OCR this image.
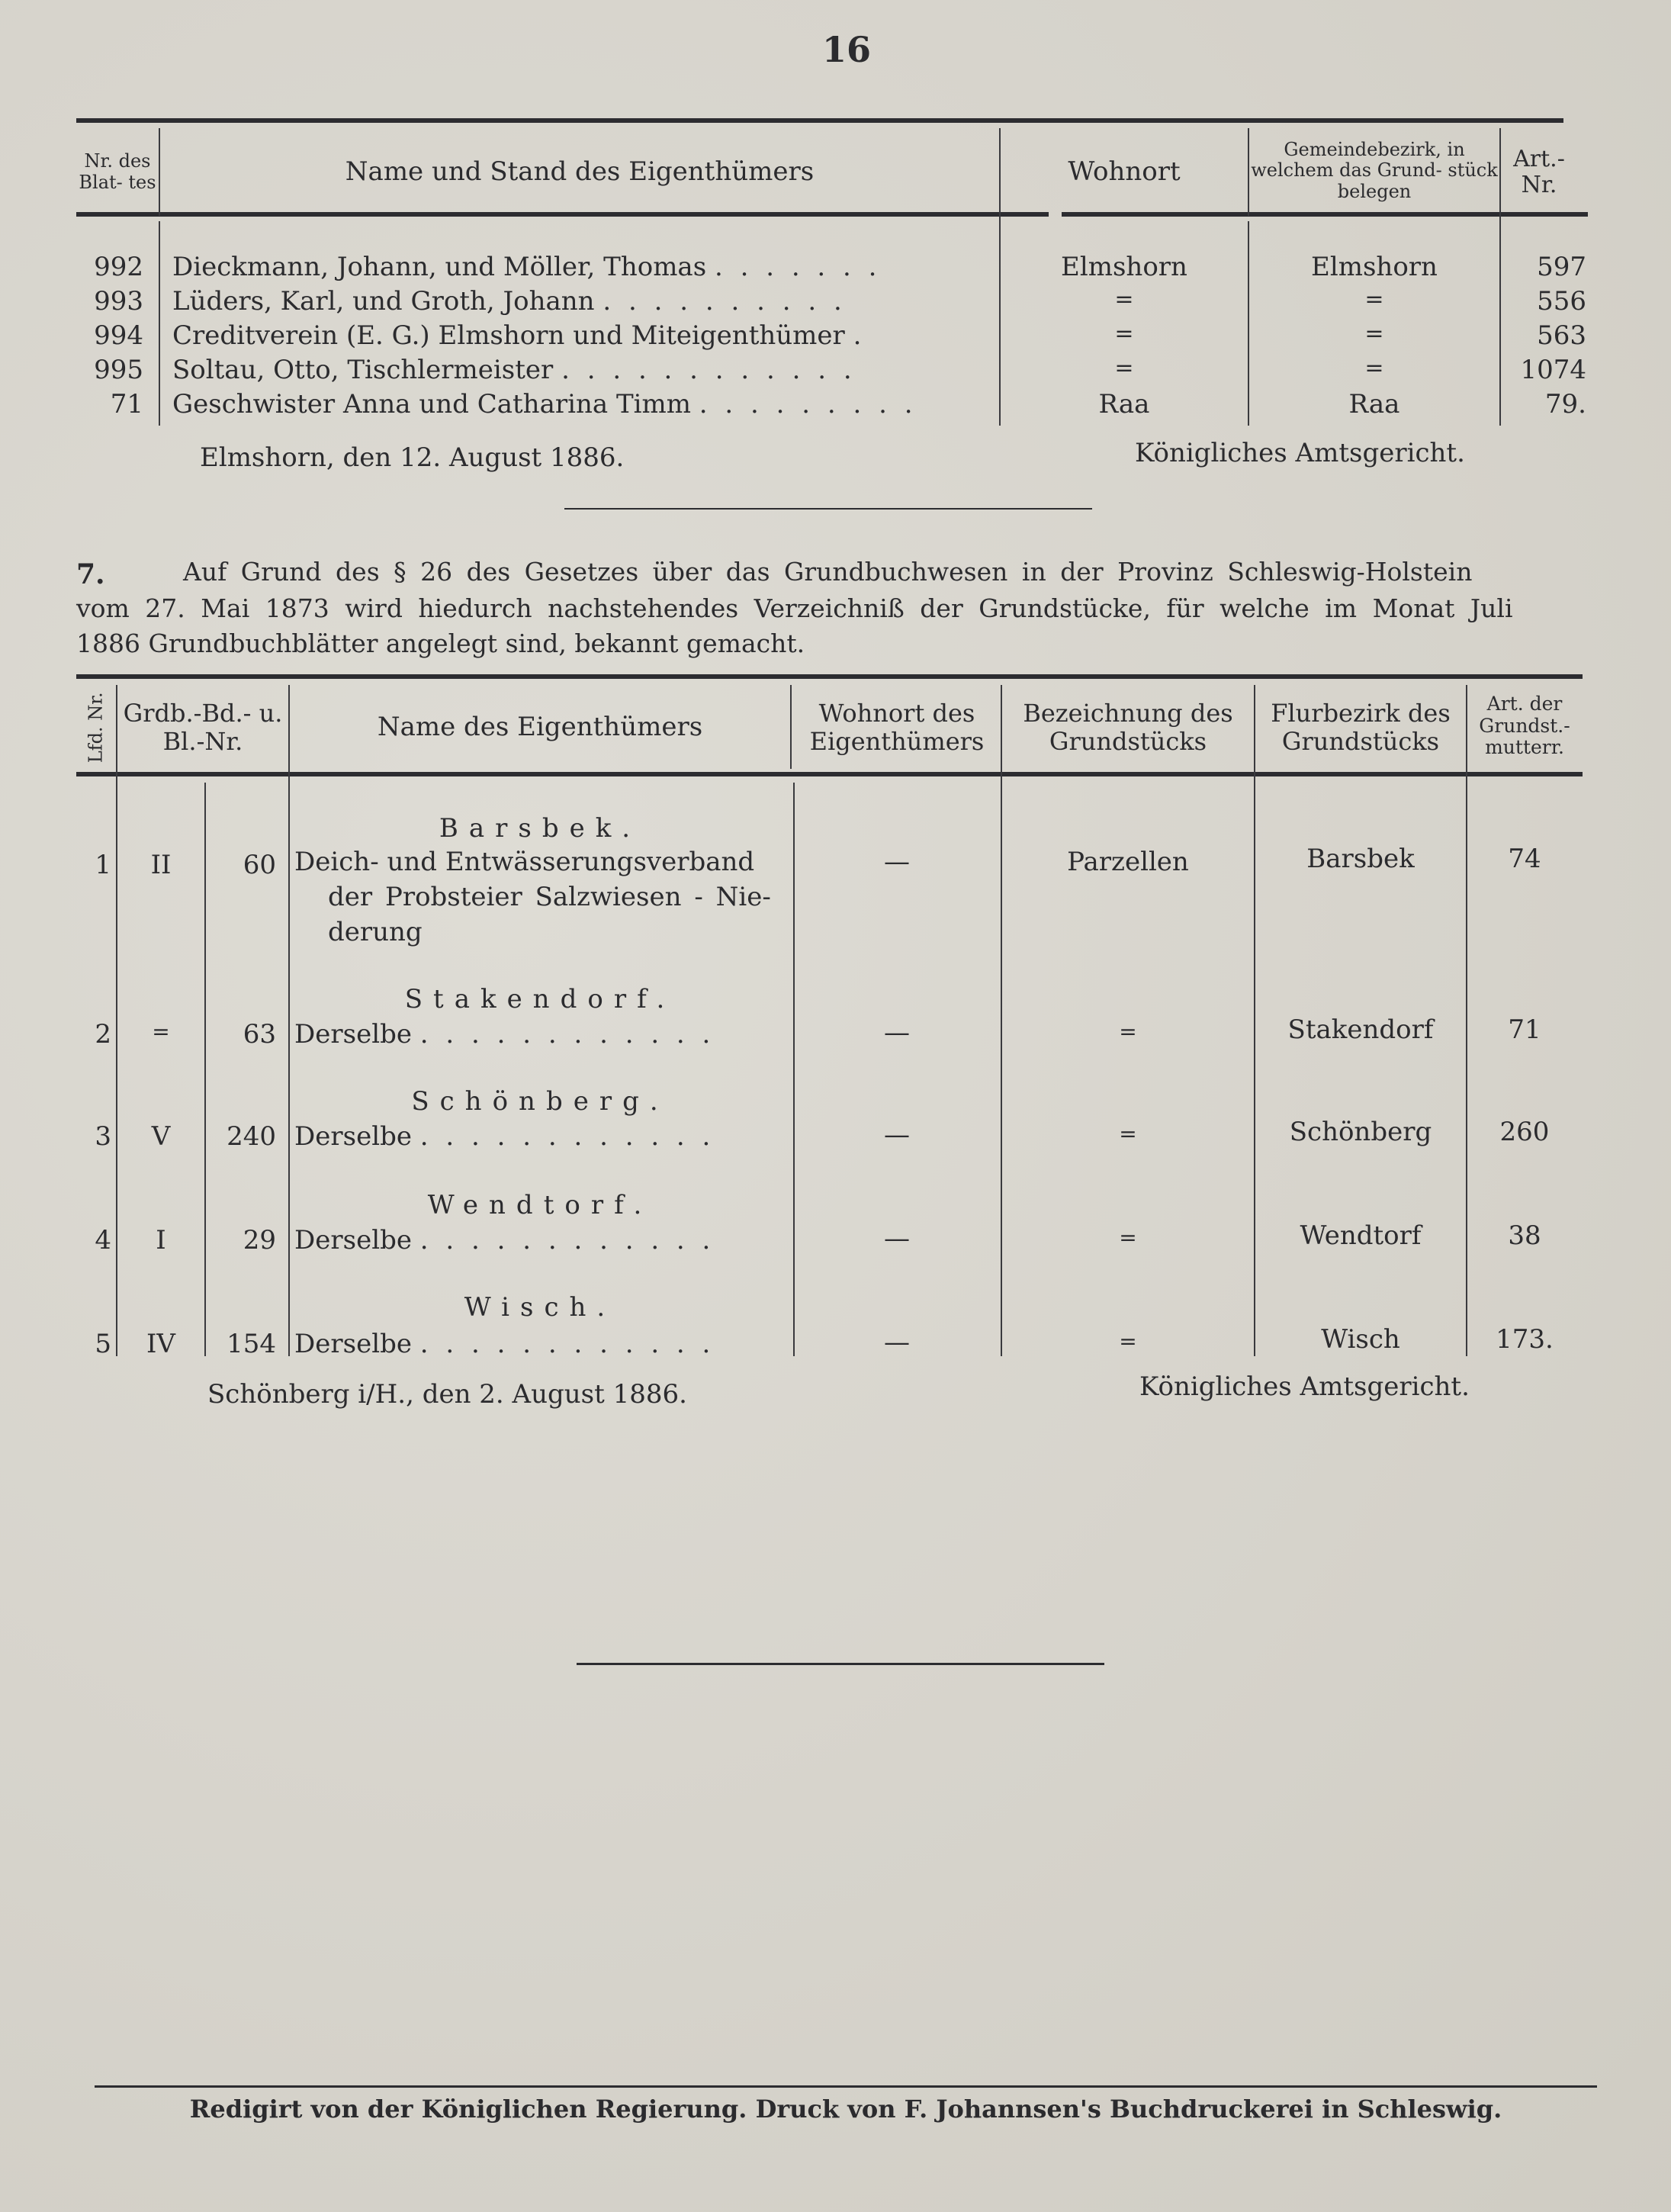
16
Nr. des Blat- tes	Name und Stand des Eigenthümers	Wohnort
Gemeindebezirk, in welchem das Grund- stück belegen
Art.- Nr.
992 Dieckmann, Johann, und Möller, Thomas . . . . . . .	Elmshorn	Elmshorn	597
993 Lüders, Karl, und Groth, Johann . . . . . . . . . .	=	=	556
994 Creditverein (E. G.) Elmshorn und Miteigenthümer .	=	=	563
995 Soltau, Otto, Tischlermeister . . . . . . . . . . . .	=	=	1074
71 Geschwister Anna und Catharina Timm . . . . . . . . .	Raa	Raa	79.
Elmshorn, den 12. August 1886.	Königliches Amtsgericht.
7.	Auf Grund des § 26 des Gesetzes über das Grundbuchwesen in der Provinz Schleswig-Holstein
vom 27. Mai 1873 wird hiedurch nachstehendes Verzeichniß der Grundstücke, für welche im Monat Juli
1886 Grundbuchblätter angelegt sind, bekannt gemacht.
Lfd. Nr. Grdb.-Bd.- u. Bl.-Nr.	Name des Eigenthümers	Wohnort des Eigenthümers
Bezeichnung des Grundstücks
Flurbezirk des Grundstücks
Art. der Grundst.- mutterr.
Barsbek.
1	II	60 Deich- und Entwässerungsverband
der Probsteier Salzwiesen - Nie-
derung
—	Parzellen	Barsbek	74
Stakendorf.
2	=	63 Derselbe . . . . . . . . . . . .	—	=	Stakendorf	71
Schönberg.
3	V	240 Derselbe . . . . . . . . . . . .	—	=	Schönberg	260
Wendtorf.
4	I	29 Derselbe . . . . . . . . . . . .	—	=	Wendtorf	38
Wisch.
5	IV	154 Derselbe . . . . . . . . . . . .	—	=	Wisch	173.
Schönberg i/H., den 2. August 1886.	Königliches Amtsgericht.
Redigirt von der Königlichen Regierung. Druck von F. Johannsen's Buchdruckerei in Schleswig.
